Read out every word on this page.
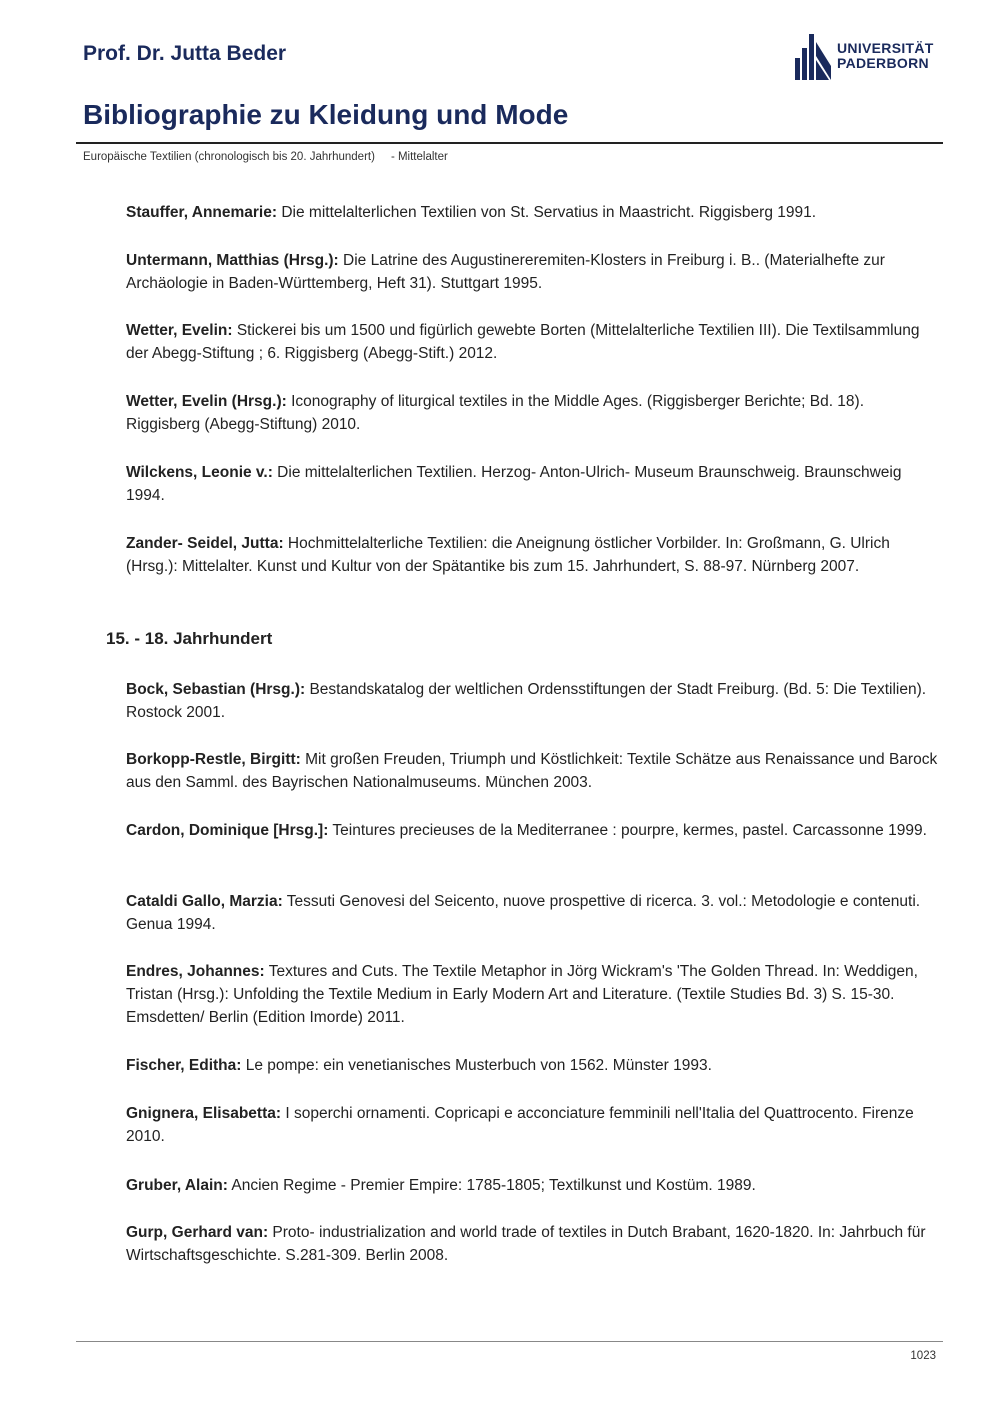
Prof. Dr. Jutta Beder	UNIVERSITÄT
PADERBORN
Bibliographie zu Kleidung und Mode
Europäische Textilien (chronologisch bis 20. Jahrhundert) - Mittelalter
Stauffer, Annemarie: Die mittelalterlichen Textilien von St. Servatius in Maastricht. Riggisberg 1991.
Untermann, Matthias (Hrsg.): Die Latrine des Augustinereremiten-Klosters in Freiburg i. B.. (Materialhefte zur Archäologie in Baden-Württemberg, Heft 31). Stuttgart 1995.
Wetter, Evelin: Stickerei bis um 1500 und figürlich gewebte Borten (Mittelalterliche Textilien III). Die Textilsammlung der Abegg-Stiftung ; 6. Riggisberg (Abegg-Stift.) 2012.
Wetter, Evelin (Hrsg.): Iconography of liturgical textiles in the Middle Ages. (Riggisberger Berichte; Bd. 18). Riggisberg (Abegg-Stiftung) 2010.
Wilckens, Leonie v.: Die mittelalterlichen Textilien. Herzog- Anton-Ulrich- Museum Braunschweig. Braunschweig 1994.
Zander- Seidel, Jutta: Hochmittelalterliche Textilien: die Aneignung östlicher Vorbilder. In: Großmann, G. Ulrich (Hrsg.): Mittelalter. Kunst und Kultur von der Spätantike bis zum 15. Jahrhundert, S. 88-97. Nürnberg 2007.
15. - 18. Jahrhundert
Bock, Sebastian (Hrsg.): Bestandskatalog der weltlichen Ordensstiftungen der Stadt Freiburg. (Bd. 5: Die Textilien). Rostock 2001.
Borkopp-Restle, Birgitt: Mit großen Freuden, Triumph und Köstlichkeit: Textile Schätze aus Renaissance und Barock aus den Samml. des Bayrischen Nationalmuseums. München 2003.
Cardon, Dominique [Hrsg.]: Teintures precieuses de la Mediterranee : pourpre, kermes, pastel. Carcassonne 1999.
Cataldi Gallo, Marzia: Tessuti Genovesi del Seicento, nuove prospettive di ricerca. 3. vol.: Metodologie e contenuti. Genua 1994.
Endres, Johannes: Textures and Cuts. The Textile Metaphor in Jörg Wickram's 'The Golden Thread. In: Weddigen, Tristan (Hrsg.): Unfolding the Textile Medium in Early Modern Art and Literature. (Textile Studies Bd. 3) S. 15-30. Emsdetten/ Berlin (Edition Imorde) 2011.
Fischer, Editha: Le pompe: ein venetianisches Musterbuch von 1562. Münster 1993.
Gnignera, Elisabetta: I soperchi ornamenti. Copricapi e acconciature femminili nell'Italia del Quattrocento. Firenze 2010.
Gruber, Alain: Ancien Regime - Premier Empire: 1785-1805; Textilkunst und Kostüm. 1989.
Gurp, Gerhard van: Proto- industrialization and world trade of textiles in Dutch Brabant, 1620-1820. In: Jahrbuch für Wirtschaftsgeschichte. S.281-309. Berlin 2008.
1023
